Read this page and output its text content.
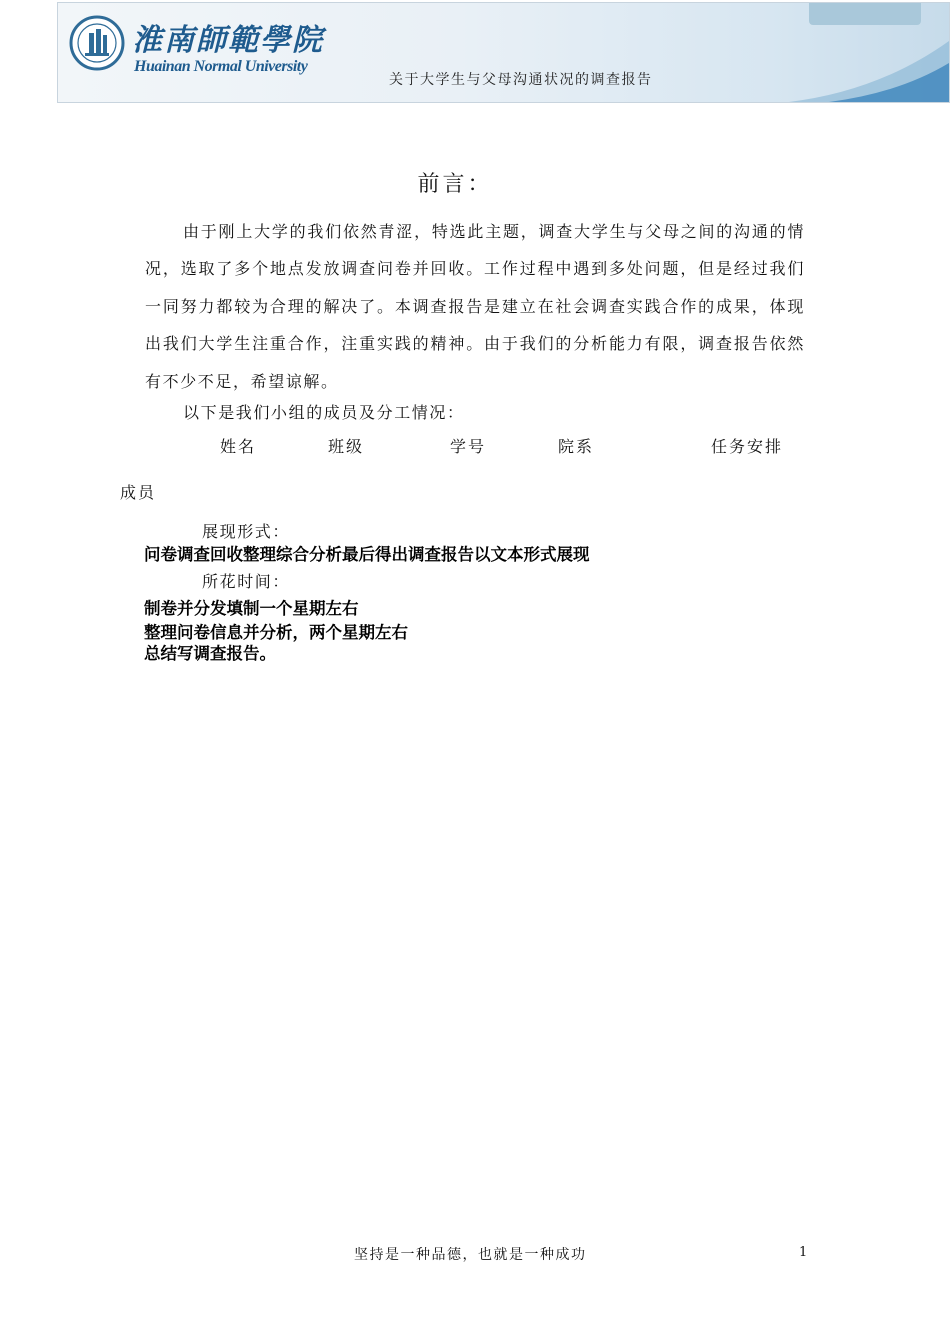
淮南師範學院
Huainan Normal University
关于大学生与父母沟通状况的调查报告
前言：

由于刚上大学的我们依然青涩，特选此主题，调查大学生与父母之间的沟通的情况，选取了多个地点发放调查问卷并回收。工作过程中遇到多处问题，但是经过我们一同努力都较为合理的解决了。本调查报告是建立在社会调查实践合作的成果，体现出我们大学生注重合作，注重实践的精神。由于我们的分析能力有限，调查报告依然有不少不足，希望谅解。

以下是我们小组的成员及分工情况：
姓名	班级	学号	院系	任务安排
成员
展现形式：
问卷调查回收整理综合分析最后得出调查报告以文本形式展现
所花时间：
制卷并分发填制一个星期左右
整理问卷信息并分析，两个星期左右
总结写调查报告。
坚持是一种品德，也就是一种成功	1
